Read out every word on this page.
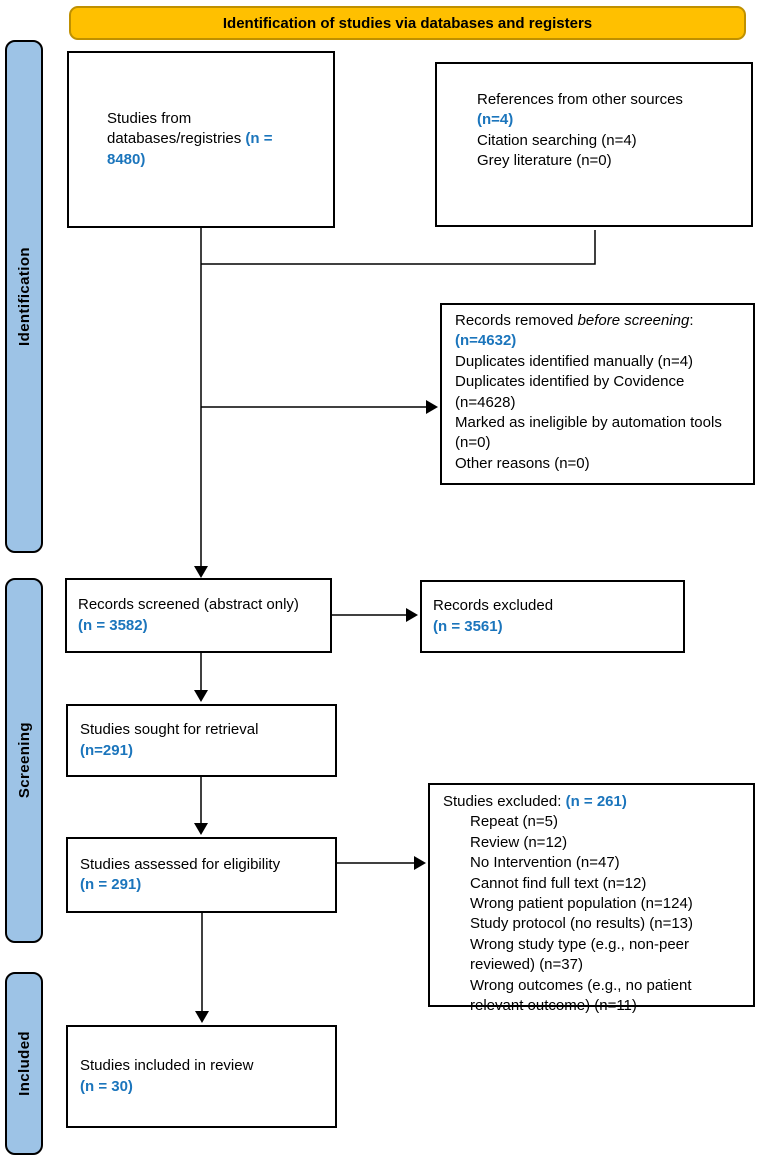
Identification of studies via databases and registers
Identification
Screening
Included
Studies from
databases/registries (n =
8480)
References from other sources
(n=4)
Citation searching (n=4)
Grey literature (n=0)
Records removed before screening:
(n=4632)
Duplicates identified manually (n=4)
Duplicates identified by Covidence
(n=4628)
Marked as ineligible by automation tools
(n=0)
Other reasons (n=0)
Records screened (abstract only)
(n = 3582)
Records excluded
(n = 3561)
Studies sought for retrieval
(n=291)
Studies assessed for eligibility
(n = 291)
Studies excluded: (n = 261)
Repeat (n=5)
Review (n=12)
No Intervention (n=47)
Cannot find full text (n=12)
Wrong patient population (n=124)
Study protocol (no results) (n=13)
Wrong study type (e.g., non-peer
reviewed) (n=37)
Wrong outcomes (e.g., no patient
relevant outcome) (n=11)
Studies included in review
(n = 30)
